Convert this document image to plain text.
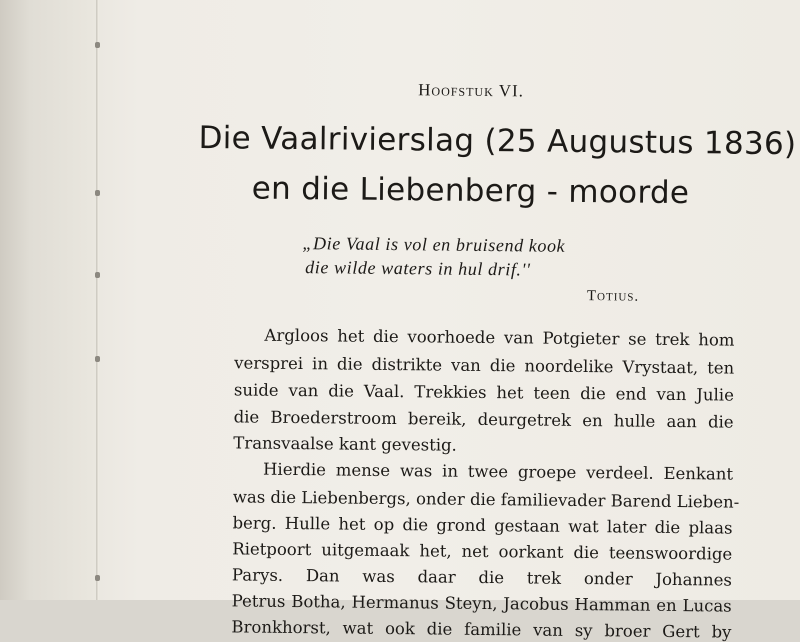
Hoofstuk VI.
Die Vaalrivierslag (25 Augustus 1836)
en die Liebenberg - moorde
„Die Vaal is vol en bruisend kook
die wilde waters in hul drif.''
Totius.
Argloos het die voorhoede van Potgieter se trek hom
versprei in die distrikte van die noordelike Vrystaat, ten
suide van die Vaal. Trekkies het teen die end van Julie
die Broederstroom bereik, deurgetrek en hulle aan die
Transvaalse kant gevestig.
Hierdie mense was in twee groepe verdeel. Eenkant
was die Liebenbergs, onder die familievader Barend Lieben-
berg. Hulle het op die grond gestaan wat later die plaas
Rietpoort uitgemaak het, net oorkant die teenswoordige
Parys. Dan was daar die trek onder Johannes
Petrus Botha, Hermanus Steyn, Jacobus Hamman en Lucas
Bronkhorst, wat ook die familie van sy broer Gert by
